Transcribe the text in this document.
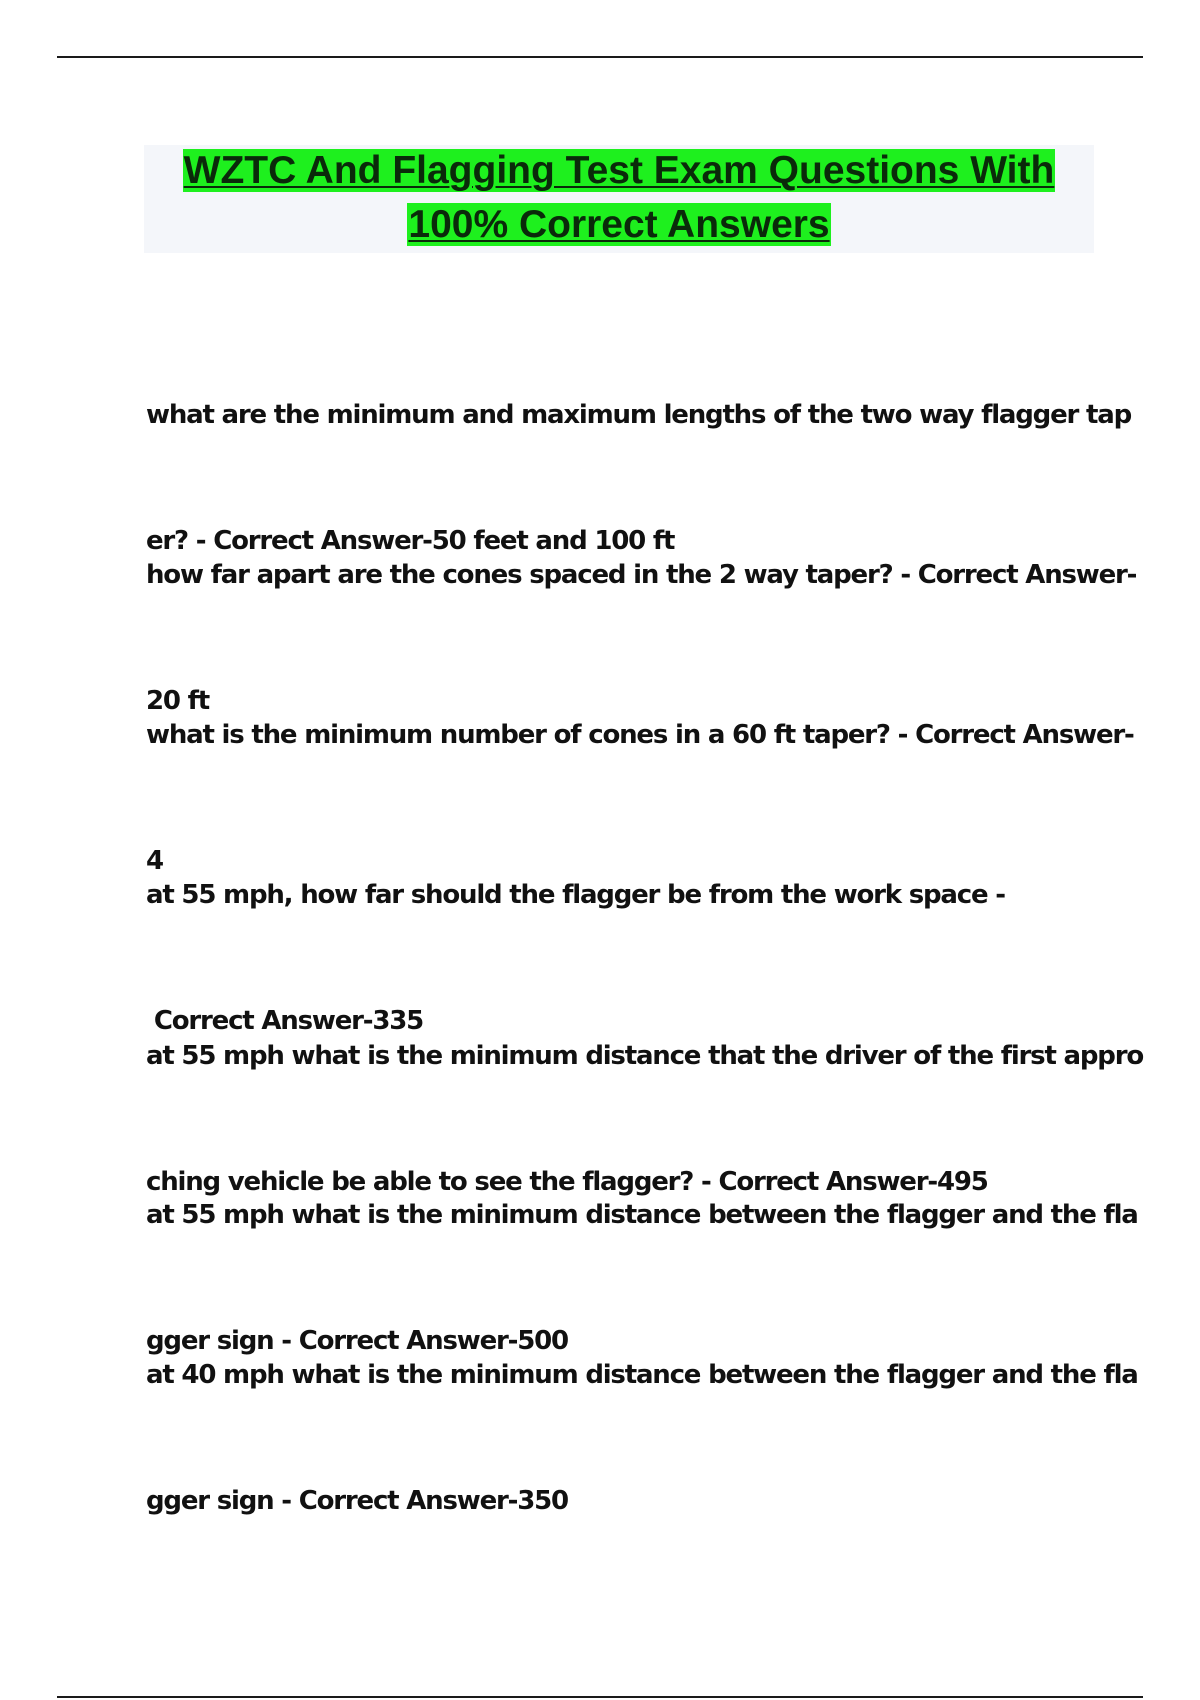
WZTC And Flagging Test Exam Questions With
100% Correct Answers

what are the minimum and maximum lengths of the two way flagger tap

er? - Correct Answer-50 feet and 100 ft

how far apart are the cones spaced in the 2 way taper? - Correct Answer-

20 ft

what is the minimum number of cones in a 60 ft taper? - Correct Answer-

4

at 55 mph, how far should the flagger be from the work space -

Correct Answer-335

at 55 mph what is the minimum distance that the driver of the first appro

ching vehicle be able to see the flagger? - Correct Answer-495

at 55 mph what is the minimum distance between the flagger and the fla

gger sign - Correct Answer-500

at 40 mph what is the minimum distance between the flagger and the fla

gger sign - Correct Answer-350
